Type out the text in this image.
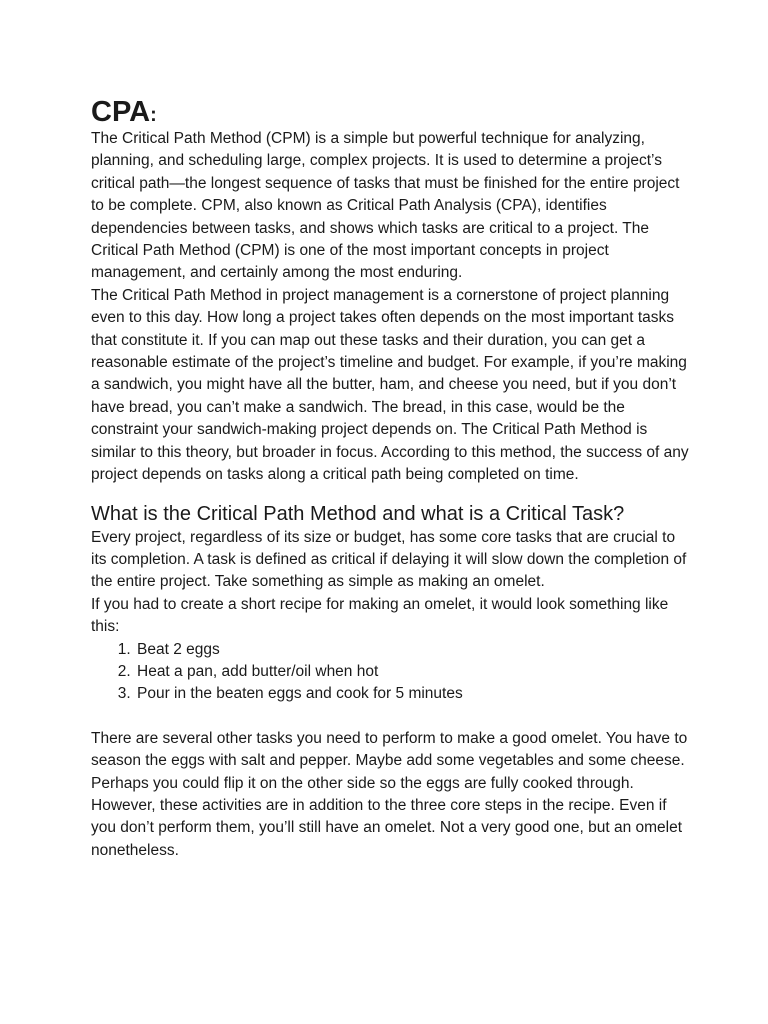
CPA:

The Critical Path Method (CPM) is a simple but powerful technique for analyzing, planning, and scheduling large, complex projects. It is used to determine a project’s critical path—the longest sequence of tasks that must be finished for the entire project to be complete. CPM, also known as Critical Path Analysis (CPA), identifies dependencies between tasks, and shows which tasks are critical to a project. The Critical Path Method (CPM) is one of the most important concepts in project management, and certainly among the most enduring.

The Critical Path Method in project management is a cornerstone of project planning even to this day. How long a project takes often depends on the most important tasks that constitute it. If you can map out these tasks and their duration, you can get a reasonable estimate of the project’s timeline and budget. For example, if you’re making a sandwich, you might have all the butter, ham, and cheese you need, but if you don’t have bread, you can’t make a sandwich. The bread, in this case, would be the constraint your sandwich-making project depends on. The Critical Path Method is similar to this theory, but broader in focus. According to this method, the success of any project depends on tasks along a critical path being completed on time.

What is the Critical Path Method and what is a Critical Task?

Every project, regardless of its size or budget, has some core tasks that are crucial to its completion. A task is defined as critical if delaying it will slow down the completion of the entire project. Take something as simple as making an omelet.

If you had to create a short recipe for making an omelet, it would look something like this:

1. Beat 2 eggs
2. Heat a pan, add butter/oil when hot
3. Pour in the beaten eggs and cook for 5 minutes

There are several other tasks you need to perform to make a good omelet. You have to season the eggs with salt and pepper. Maybe add some vegetables and some cheese. Perhaps you could flip it on the other side so the eggs are fully cooked through. However, these activities are in addition to the three core steps in the recipe. Even if you don’t perform them, you’ll still have an omelet. Not a very good one, but an omelet nonetheless.
